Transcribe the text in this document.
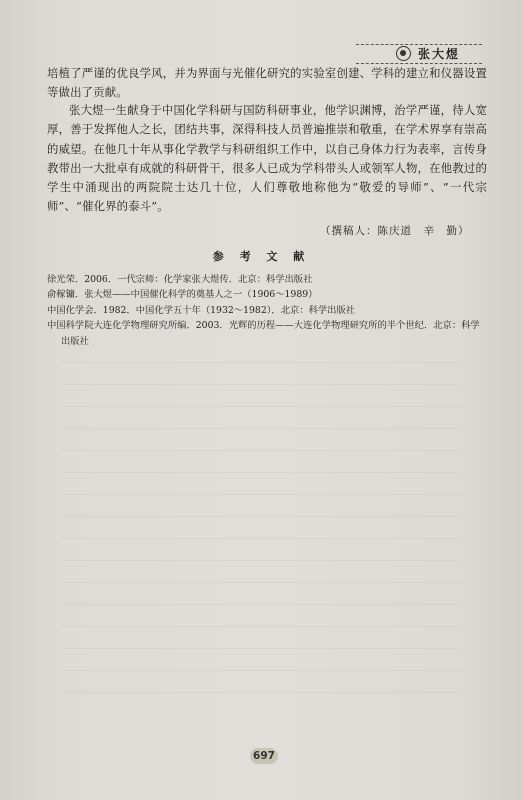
张大煜
培植了严谨的优良学风，并为界面与光催化研究的实验室创建、学科的建立和仪器设置等做出了贡献。
张大煜一生献身于中国化学科研与国防科研事业，他学识渊博，治学严谨，待人宽厚，善于发挥他人之长，团结共事，深得科技人员普遍推崇和敬重，在学术界享有崇高的威望。在他几十年从事化学教学与科研组织工作中，以自己身体力行为表率，言传身教带出一大批卓有成就的科研骨干，很多人已成为学科带头人或领军人物，在他教过的学生中涌现出的两院院士达几十位，人们尊敬地称他为“敬爱的导师”、“一代宗师”、“催化界的泰斗”。
（撰稿人：陈庆道　辛　勤）
参 考 文 献
徐光荣．2006．一代宗师：化学家张大煜传．北京：科学出版社
俞稼镛．张大煜——中国催化科学的奠基人之一（1906～1989）
中国化学会．1982．中国化学五十年（1932～1982）．北京：科学出版社
中国科学院大连化学物理研究所编．2003．光辉的历程——大连化学物理研究所的半个世纪．北京：科学出版社
697
